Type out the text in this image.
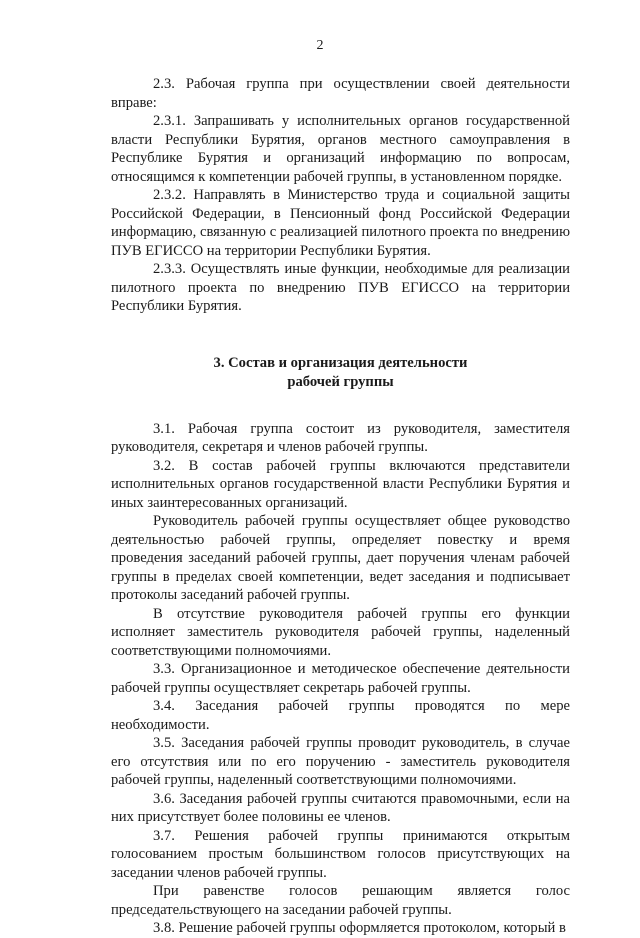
2

2.3. Рабочая группа при осуществлении своей деятельности вправе:

2.3.1. Запрашивать у исполнительных органов государственной власти Республики Бурятия, органов местного самоуправления в Республике Бурятия и организаций информацию по вопросам, относящимся к компетенции рабочей группы, в установленном порядке.

2.3.2. Направлять в Министерство труда и социальной защиты Российской Федерации, в Пенсионный фонд Российской Федерации информацию, связанную с реализацией пилотного проекта по внедрению ПУВ ЕГИССО на территории Республики Бурятия.

2.3.3. Осуществлять иные функции, необходимые для реализации пилотного проекта по внедрению ПУВ ЕГИССО на территории Республики Бурятия.

3. Состав и организация деятельности
рабочей группы

3.1. Рабочая группа состоит из руководителя, заместителя руководителя, секретаря и членов рабочей группы.

3.2. В состав рабочей группы включаются представители исполнительных органов государственной власти Республики Бурятия и иных заинтересованных организаций.

Руководитель рабочей группы осуществляет общее руководство деятельностью рабочей группы, определяет повестку и время проведения заседаний рабочей группы, дает поручения членам рабочей группы в пределах своей компетенции, ведет заседания и подписывает протоколы заседаний рабочей группы.

В отсутствие руководителя рабочей группы его функции исполняет заместитель руководителя рабочей группы, наделенный соответствующими полномочиями.

3.3. Организационное и методическое обеспечение деятельности рабочей группы осуществляет секретарь рабочей группы.

3.4. Заседания рабочей группы проводятся по мере необходимости.

3.5. Заседания рабочей группы проводит руководитель, в случае его отсутствия или по его поручению - заместитель руководителя рабочей группы, наделенный соответствующими полномочиями.

3.6. Заседания рабочей группы считаются правомочными, если на них присутствует более половины ее членов.

3.7. Решения рабочей группы принимаются открытым голосованием простым большинством голосов присутствующих на заседании членов рабочей группы.

При равенстве голосов решающим является голос председательствующего на заседании рабочей группы.

3.8. Решение рабочей группы оформляется протоколом, который в
